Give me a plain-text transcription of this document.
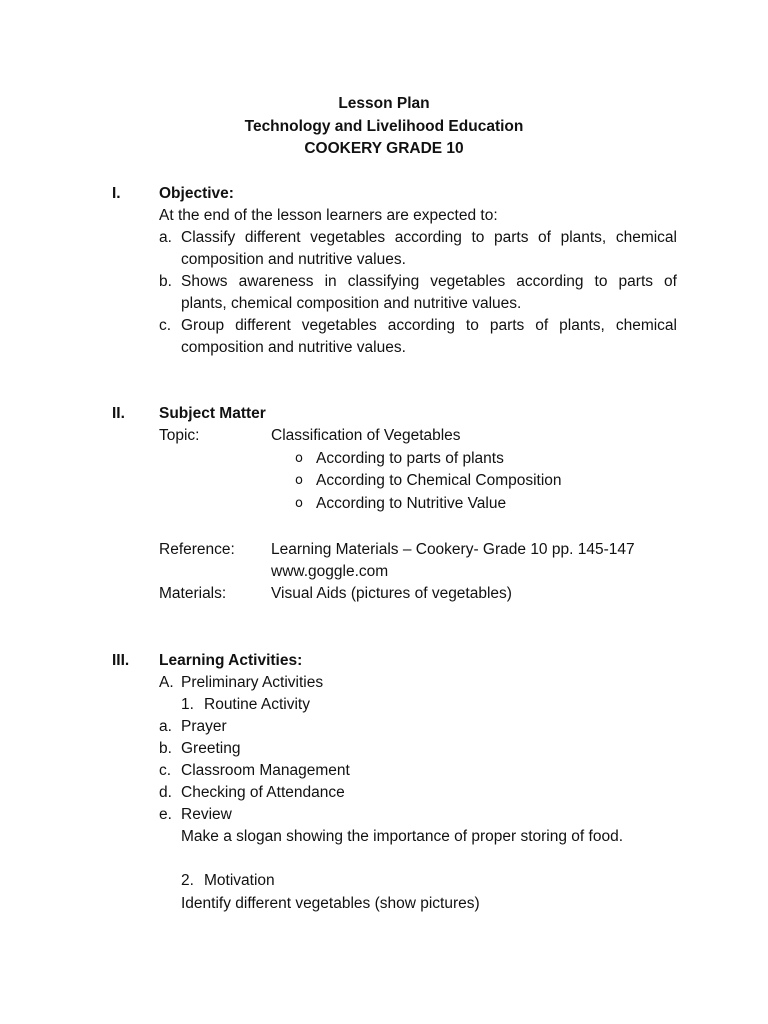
Lesson Plan
Technology and Livelihood Education
COOKERY GRADE 10
I. Objective:
At the end of the lesson learners are expected to:
a. Classify different vegetables according to parts of plants, chemical
composition and nutritive values.
b. Shows awareness in classifying vegetables according to parts of
plants, chemical composition and nutritive values.
c. Group different vegetables according to parts of plants, chemical
composition and nutritive values.
II. Subject Matter
Topic:	Classification of Vegetables
o According to parts of plants
o According to Chemical Composition
o According to Nutritive Value
Reference: Learning Materials – Cookery- Grade 10 pp. 145-147
www.goggle.com
Materials:	Visual Aids (pictures of vegetables)
III. Learning Activities:
A. Preliminary Activities
1. Routine Activity
a. Prayer
b. Greeting
c. Classroom Management
d. Checking of Attendance
e. Review
Make a slogan showing the importance of proper storing of food.
2. Motivation
Identify different vegetables (show pictures)
